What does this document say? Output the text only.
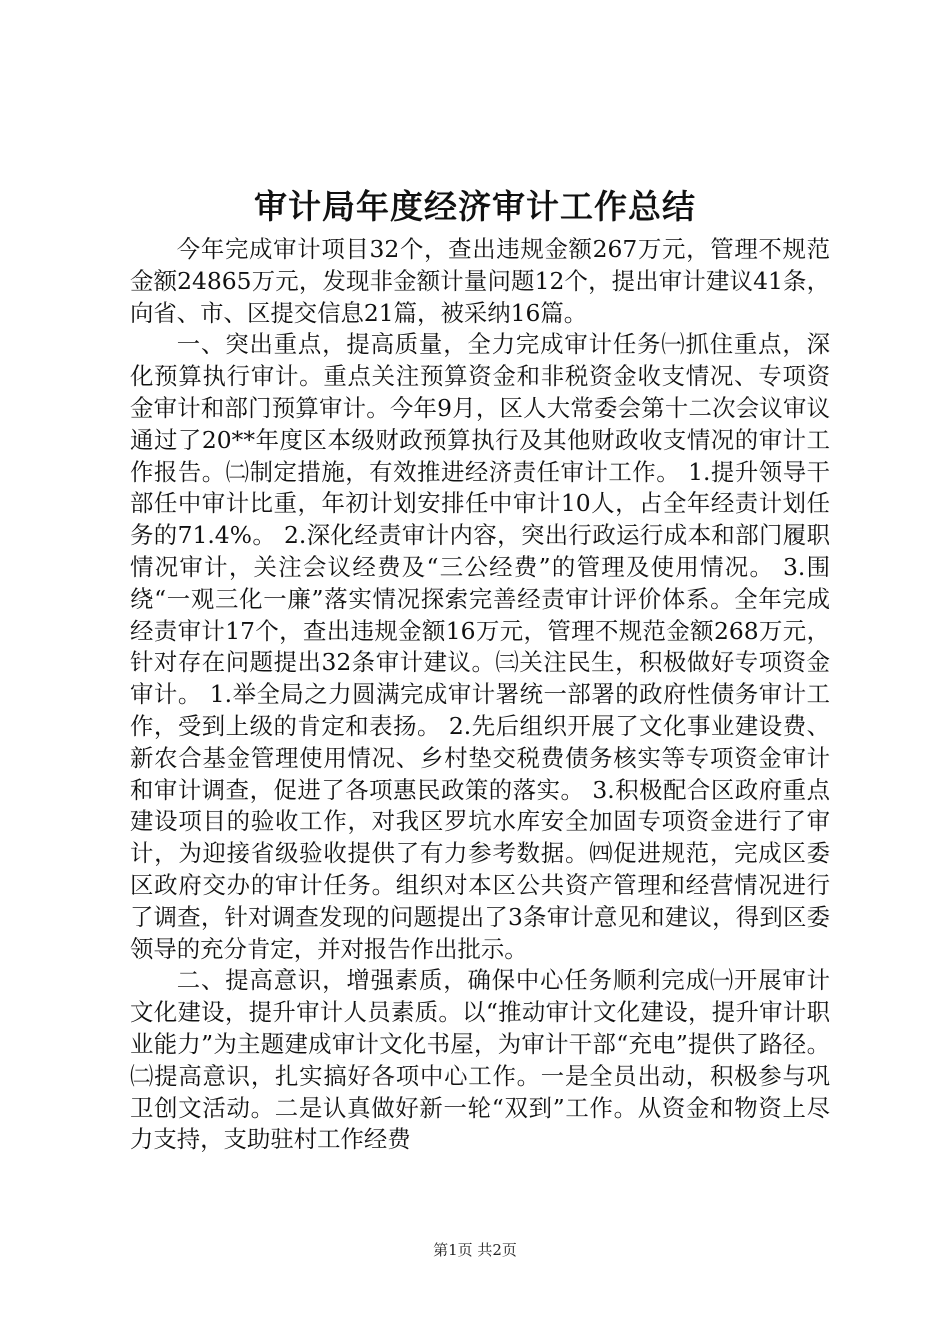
审计局年度经济审计工作总结

今年完成审计项目32个，查出违规金额267万元，管理不规范金额24865万元，发现非金额计量问题12个，提出审计建议41条，向省、市、区提交信息21篇，被采纳16篇。

一、突出重点，提高质量，全力完成审计任务㈠抓住重点，深化预算执行审计。重点关注预算资金和非税资金收支情况、专项资金审计和部门预算审计。今年9月，区人大常委会第十二次会议审议通过了20**年度区本级财政预算执行及其他财政收支情况的审计工作报告。㈡制定措施，有效推进经济责任审计工作。 1.提升领导干部任中审计比重，年初计划安排任中审计10人，占全年经责计划任务的71.4%。 2.深化经责审计内容，突出行政运行成本和部门履职情况审计，关注会议经费及“三公经费”的管理及使用情况。 3.围绕“一观三化一廉”落实情况探索完善经责审计评价体系。全年完成经责审计17个，查出违规金额16万元，管理不规范金额268万元，针对存在问题提出32条审计建议。㈢关注民生，积极做好专项资金审计。 1.举全局之力圆满完成审计署统一部署的政府性债务审计工作，受到上级的肯定和表扬。 2.先后组织开展了文化事业建设费、新农合基金管理使用情况、乡村垫交税费债务核实等专项资金审计和审计调查，促进了各项惠民政策的落实。 3.积极配合区政府重点建设项目的验收工作，对我区罗坑水库安全加固专项资金进行了审计，为迎接省级验收提供了有力参考数据。㈣促进规范，完成区委区政府交办的审计任务。组织对本区公共资产管理和经营情况进行了调查，针对调查发现的问题提出了3条审计意见和建议，得到区委领导的充分肯定，并对报告作出批示。

二、提高意识，增强素质，确保中心任务顺利完成㈠开展审计文化建设，提升审计人员素质。以“推动审计文化建设，提升审计职业能力”为主题建成审计文化书屋，为审计干部“充电”提供了路径。㈡提高意识，扎实搞好各项中心工作。一是全员出动，积极参与巩卫创文活动。二是认真做好新一轮“双到”工作。从资金和物资上尽力支持，支助驻村工作经费

第1页 共2页
